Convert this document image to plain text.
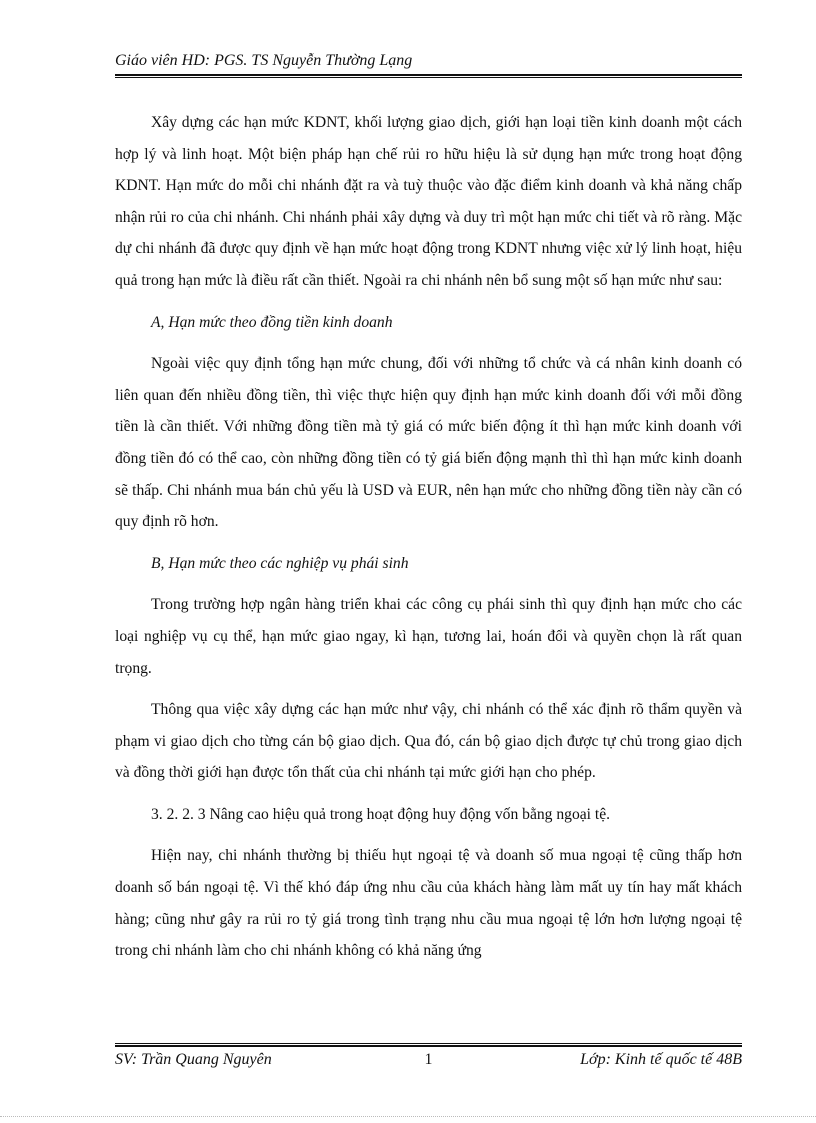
Giáo viên HD: PGS. TS Nguyễn Thường Lạng

Xây dựng các hạn mức KDNT, khối lượng giao dịch, giới hạn loại tiền kinh doanh một cách hợp lý và linh hoạt. Một biện pháp hạn chế rủi ro hữu hiệu là sử dụng hạn mức trong hoạt động KDNT. Hạn mức do mỗi chi nhánh đặt ra và tuỳ thuộc vào đặc điểm kinh doanh và khả năng chấp nhận rủi ro của chi nhánh. Chi nhánh phải xây dựng và duy trì một hạn mức chi tiết và rõ ràng. Mặc dự chi nhánh đã được quy định về hạn mức hoạt động trong KDNT nhưng việc xử lý linh hoạt, hiệu quả trong hạn mức là điều rất cần thiết. Ngoài ra chi nhánh nên bổ sung một số hạn mức như sau:

A, Hạn mức theo đồng tiền kinh doanh

Ngoài việc quy định tổng hạn mức chung, đối với những tổ chức và cá nhân kinh doanh có liên quan đến nhiều đồng tiền, thì việc thực hiện quy định hạn mức kinh doanh đối với mỗi đồng tiền là cần thiết. Với những đồng tiền mà tỷ giá có mức biến động ít thì hạn mức kinh doanh với đồng tiền đó có thể cao, còn những đồng tiền có tỷ giá biến động mạnh thì thì hạn mức kinh doanh sẽ thấp. Chi nhánh mua bán chủ yếu là USD và EUR, nên hạn mức cho những đồng tiền này cần có quy định rõ hơn.

B, Hạn mức theo các nghiệp vụ phái sinh

Trong trường hợp ngân hàng triển khai các công cụ phái sinh thì quy định hạn mức cho các loại nghiệp vụ cụ thể, hạn mức giao ngay, kì hạn, tương lai, hoán đổi và quyền chọn là rất quan trọng.

Thông qua việc xây dựng các hạn mức như vậy, chi nhánh có thể xác định rõ thẩm quyền và phạm vi giao dịch cho từng cán bộ giao dịch. Qua đó, cán bộ giao dịch được tự chủ trong giao dịch và đồng thời giới hạn được tổn thất của chi nhánh tại mức giới hạn cho phép.

3. 2. 2. 3 Nâng cao hiệu quả trong hoạt động huy động vốn bằng ngoại tệ.

Hiện nay, chi nhánh thường bị thiếu hụt ngoại tệ và doanh số mua ngoại tệ cũng thấp hơn doanh số bán ngoại tệ. Vì thế khó đáp ứng nhu cầu của khách hàng làm mất uy tín hay mất khách hàng; cũng như gây ra rủi ro tỷ giá trong tình trạng nhu cầu mua ngoại tệ lớn hơn lượng ngoại tệ trong chi nhánh làm cho chi nhánh không có khả năng ứng

SV: Trần Quang Nguyên	1	Lớp: Kinh tế quốc tế 48B
